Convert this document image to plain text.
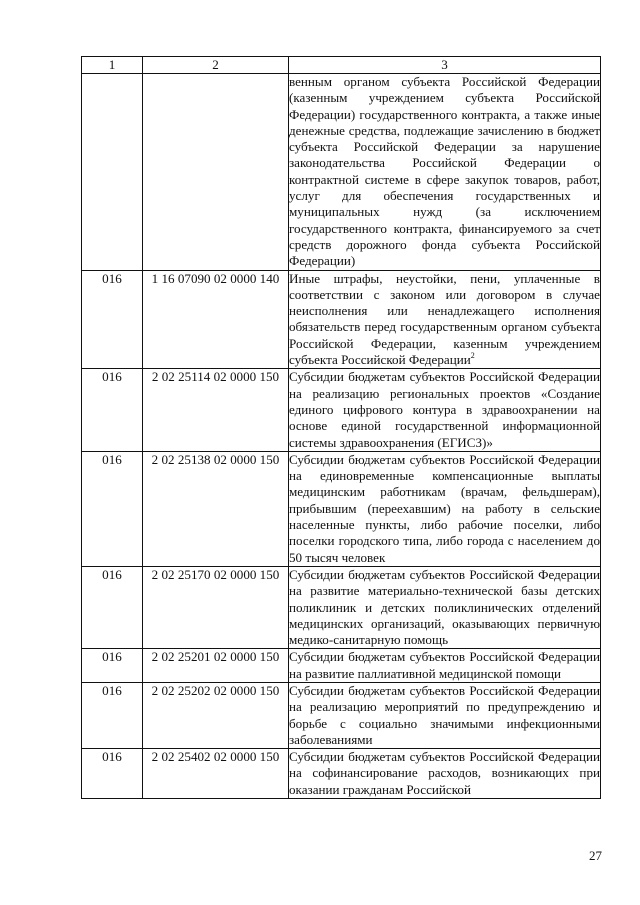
1	2	3

		венным органом субъекта Российской Федерации (казенным учреждением субъекта Российской Федерации) государственного контракта, а также иные денежные средства, подлежащие зачислению в бюджет субъекта Российской Федерации за нарушение законодательства Российской Федерации о контрактной системе в сфере закупок товаров, работ, услуг для обеспечения государственных и муниципальных нужд (за исключением государственного контракта, финансируемого за счет средств дорожного фонда субъекта Российской Федерации)

016	1 16 07090 02 0000 140	Иные штрафы, неустойки, пени, уплаченные в соответствии с законом или договором в случае неисполнения или ненадлежащего исполнения обязательств перед государственным органом субъекта Российской Федерации, казенным учреждением субъекта Российской Федерации$^2$

016	2 02 25114 02 0000 150	Субсидии бюджетам субъектов Российской Федерации на реализацию региональных проектов «Создание единого цифрового контура в здравоохранении на основе единой государственной информационной системы здравоохранения (ЕГИСЗ)»

016	2 02 25138 02 0000 150	Субсидии бюджетам субъектов Российской Федерации на единовременные компенсационные выплаты медицинским работникам (врачам, фельдшерам), прибывшим (переехавшим) на работу в сельские населенные пункты, либо рабочие поселки, либо поселки городского типа, либо города с населением до 50 тысяч человек

016	2 02 25170 02 0000 150	Субсидии бюджетам субъектов Российской Федерации на развитие материально-технической базы детских поликлиник и детских поликлинических отделений медицинских организаций, оказывающих первичную медико-санитарную помощь

016	2 02 25201 02 0000 150	Субсидии бюджетам субъектов Российской Федерации на развитие паллиативной медицинской помощи

016	2 02 25202 02 0000 150	Субсидии бюджетам субъектов Российской Федерации на реализацию мероприятий по предупреждению и борьбе с социально значимыми инфекционными заболеваниями

016	2 02 25402 02 0000 150	Субсидии бюджетам субъектов Российской Федерации на софинансирование расходов, возникающих при оказании гражданам Российской
27
